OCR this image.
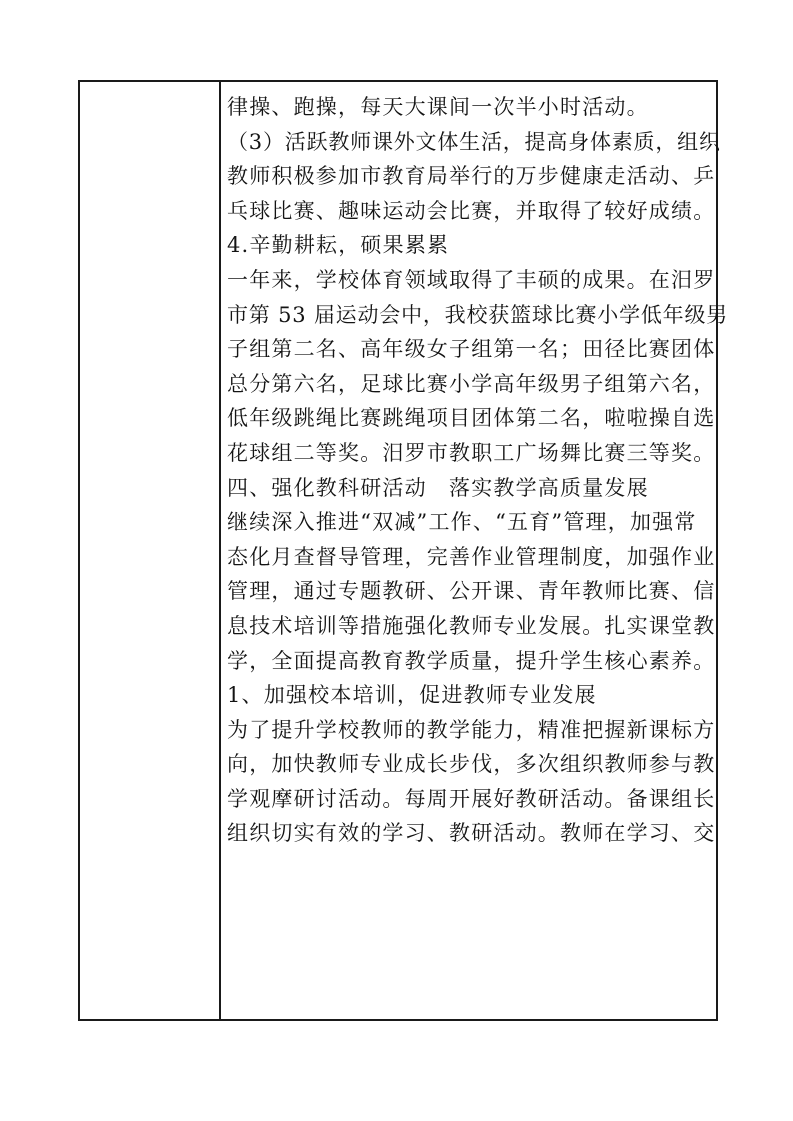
律操、跑操，每天大课间一次半小时活动。
（3）活跃教师课外文体生活，提高身体素质，组织
教师积极参加市教育局举行的万步健康走活动、乒
乓球比赛、趣味运动会比赛，并取得了较好成绩。
4.辛勤耕耘，硕果累累
一年来，学校体育领域取得了丰硕的成果。在汨罗
市第 53 届运动会中，我校获篮球比赛小学低年级男
子组第二名、高年级女子组第一名；田径比赛团体
总分第六名，足球比赛小学高年级男子组第六名，
低年级跳绳比赛跳绳项目团体第二名，啦啦操自选
花球组二等奖。汨罗市教职工广场舞比赛三等奖。
四、强化教科研活动　落实教学高质量发展
继续深入推进“双减”工作、“五育”管理，加强常
态化月查督导管理，完善作业管理制度，加强作业
管理，通过专题教研、公开课、青年教师比赛、信
息技术培训等措施强化教师专业发展。扎实课堂教
学，全面提高教育教学质量，提升学生核心素养。
1、加强校本培训，促进教师专业发展
为了提升学校教师的教学能力，精准把握新课标方
向，加快教师专业成长步伐，多次组织教师参与教
学观摩研讨活动。每周开展好教研活动。备课组长
组织切实有效的学习、教研活动。教师在学习、交
